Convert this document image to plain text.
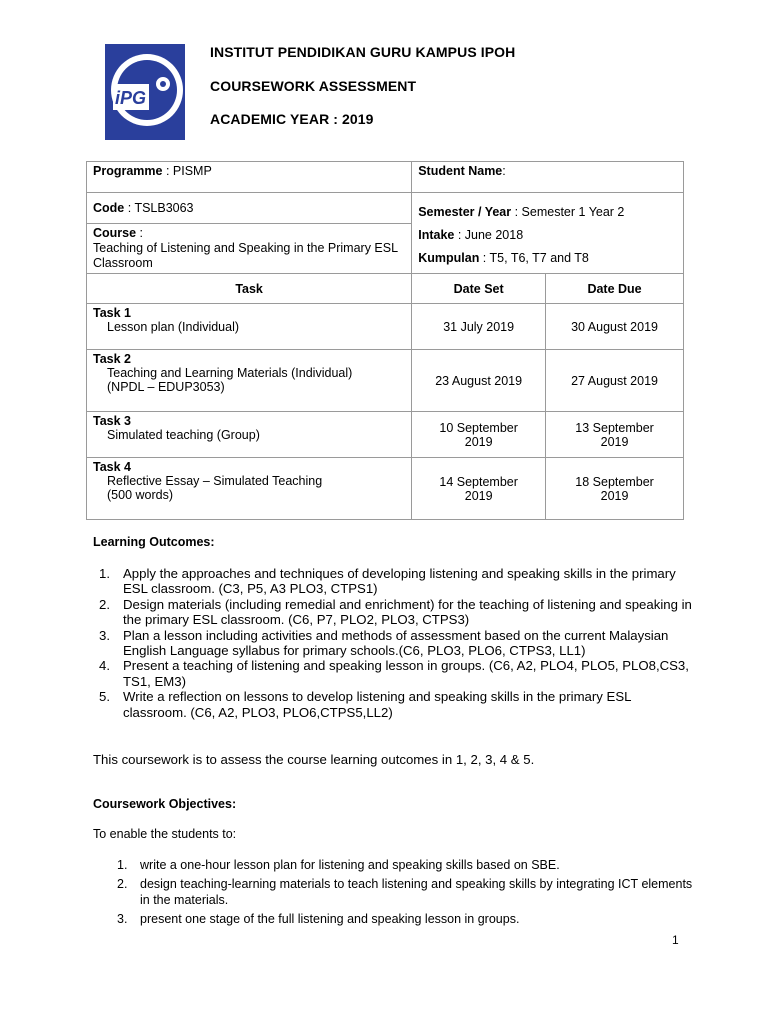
iPG
INSTITUT PENDIDIKAN GURU KAMPUS IPOH
COURSEWORK ASSESSMENT
ACADEMIC YEAR : 2019
Programme : PISMP	Student Name:	
Code : TSLB3063	Semester / Year : Semester 1 Year 2
Intake : June 2018
Kumpulan : T5, T6, T7 and T8	

Course :
Teaching of Listening and Speaking in the Primary ESL Classroom		
Task	Date Set	Date Due
Task 1
Lesson plan (Individual)	31 July 2019	30 August 2019
Task 2
Teaching and Learning Materials (Individual)
(NPDL – EDUP3053)	23 August 2019	27 August 2019
Task 3
Simulated teaching (Group)	10 September 2019	13 September 2019
Task 4
Reflective Essay – Simulated Teaching
(500 words)	14 September 2019	18 September 2019
Learning Outcomes:
1. Apply the approaches and techniques of developing listening and speaking skills in the primary ESL classroom. (C3, P5, A3 PLO3, CTPS1)
2. Design materials (including remedial and enrichment) for the teaching of listening and speaking in the primary ESL classroom. (C6, P7, PLO2, PLO3, CTPS3)
3. Plan a lesson including activities and methods of assessment based on the current Malaysian English Language syllabus for primary schools.(C6, PLO3, PLO6, CTPS3, LL1)
4. Present a teaching of listening and speaking lesson in groups. (C6, A2, PLO4, PLO5, PLO8,CS3, TS1, EM3)
5. Write a reflection on lessons to develop listening and speaking skills in the primary ESL classroom. (C6, A2, PLO3, PLO6,CTPS5,LL2)
This coursework is to assess the course learning outcomes in 1, 2, 3, 4 & 5.
Coursework Objectives:
To enable the students to:
1. write a one-hour lesson plan for listening and speaking skills based on SBE.
2. design teaching-learning materials to teach listening and speaking skills by integrating ICT elements in the materials.
3. present one stage of the full listening and speaking lesson in groups.
1
